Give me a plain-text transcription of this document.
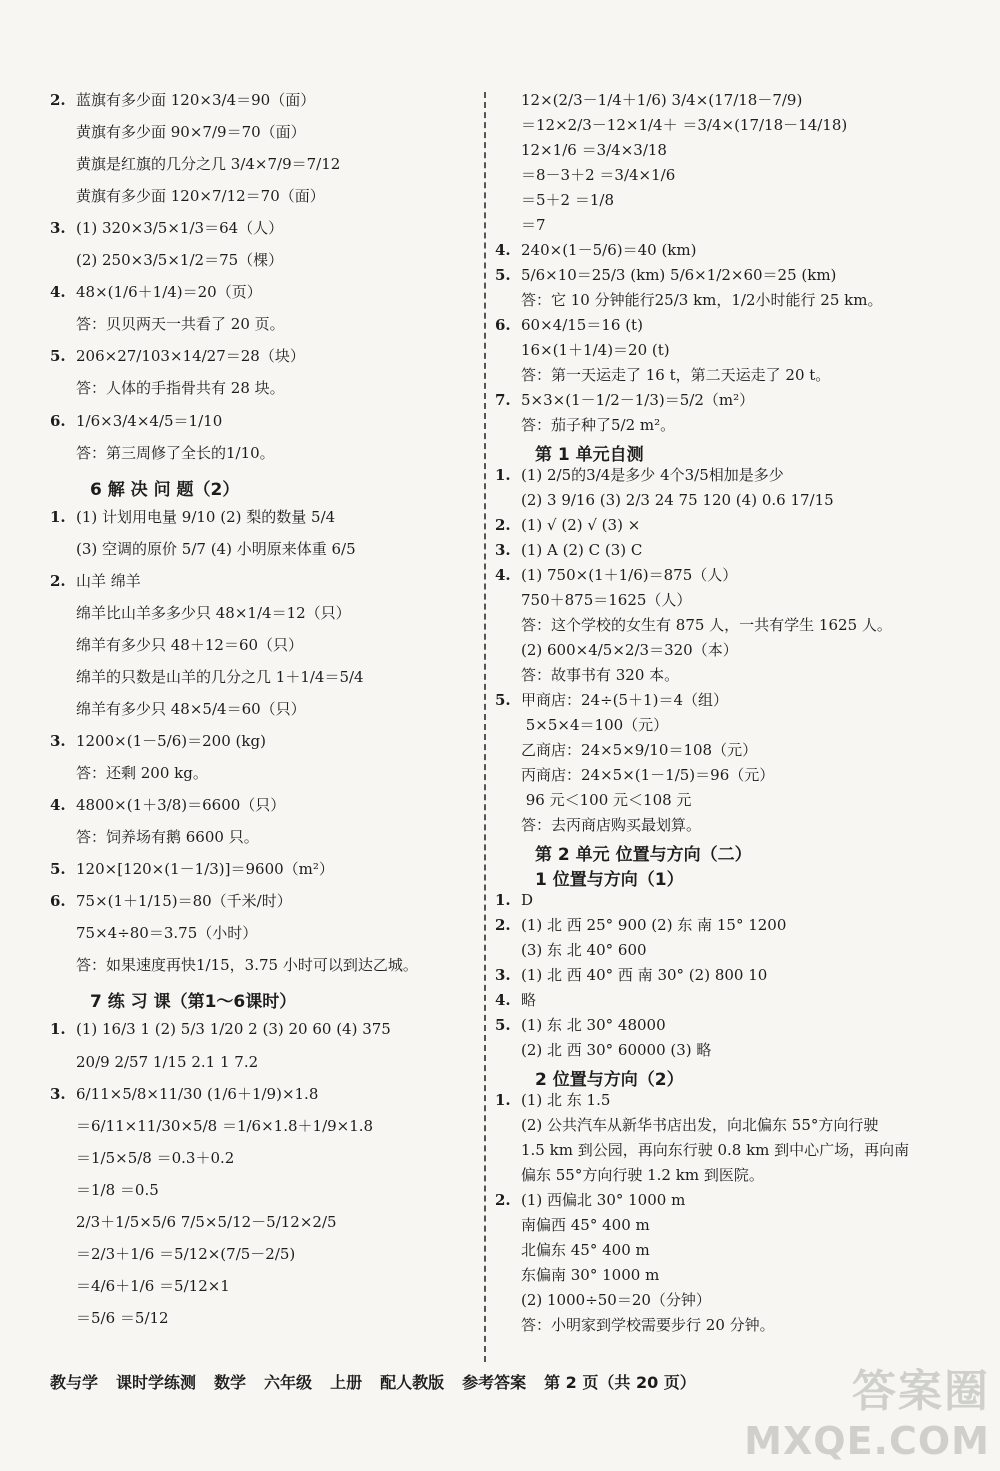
2. 蓝旗有多少面 120×3/4＝90（面）
黄旗有多少面 90×7/9＝70（面）
黄旗是红旗的几分之几 3/4×7/9＝7/12
黄旗有多少面 120×7/12＝70（面）
3. (1) 320×3/5×1/3＝64（人）
(2) 250×3/5×1/2＝75（棵）
4. 48×(1/6＋1/4)＝20（页）
答：贝贝两天一共看了 20 页。
5. 206×27/103×14/27＝28（块）
答：人体的手指骨共有 28 块。
6. 1/6×3/4×4/5＝1/10
答：第三周修了全长的1/10。
6 解 决 问 题（2）
1. (1) 计划用电量 9/10 (2) 梨的数量 5/4
(3) 空调的原价 5/7 (4) 小明原来体重 6/5
2. 山羊 绵羊
绵羊比山羊多多少只 48×1/4＝12（只）
绵羊有多少只 48＋12＝60（只）
绵羊的只数是山羊的几分之几 1＋1/4＝5/4
绵羊有多少只 48×5/4＝60（只）
3. 1200×(1－5/6)＝200 (kg)
答：还剩 200 kg。
4. 4800×(1＋3/8)＝6600（只）
答：饲养场有鹅 6600 只。
5. 120×[120×(1－1/3)]＝9600（m²）
6. 75×(1＋1/15)＝80（千米/时）
75×4÷80＝3.75（小时）
答：如果速度再快1/15，3.75 小时可以到达乙城。
7 练 习 课（第1～6课时）
1. (1) 16/3 1 (2) 5/3 1/20 2 (3) 20 60 (4) 375
20/9 2/57 1/15 2.1 1 7.2
3. 6/11×5/8×11/30 (1/6＋1/9)×1.8
＝6/11×11/30×5/8 ＝1/6×1.8＋1/9×1.8
＝1/5×5/8 ＝0.3＋0.2
＝1/8 ＝0.5
2/3＋1/5×5/6 7/5×5/12－5/12×2/5
＝2/3＋1/6 ＝5/12×(7/5－2/5)
＝4/6＋1/6 ＝5/12×1
＝5/6 ＝5/12
12×(2/3－1/4＋1/6) 3/4×(17/18－7/9)
＝12×2/3－12×1/4＋ ＝3/4×(17/18－14/18)
12×1/6 ＝3/4×3/18
＝8－3＋2 ＝3/4×1/6
＝5＋2 ＝1/8
＝7
4. 240×(1－5/6)＝40 (km)
5. 5/6×10＝25/3 (km) 5/6×1/2×60＝25 (km)
答：它 10 分钟能行25/3 km，1/2小时能行 25 km。
6. 60×4/15＝16 (t)
16×(1＋1/4)＝20 (t)
答：第一天运走了 16 t，第二天运走了 20 t。
7. 5×3×(1－1/2－1/3)＝5/2（m²）
答：茄子种了5/2 m²。
第 1 单元自测
1. (1) 2/5的3/4是多少 4个3/5相加是多少
(2) 3 9/16 (3) 2/3 24 75 120 (4) 0.6 17/15
2. (1) √ (2) √ (3) ×
3. (1) A (2) C (3) C
4. (1) 750×(1＋1/6)＝875（人）
750＋875＝1625（人）
答：这个学校的女生有 875 人，一共有学生 1625 人。
(2) 600×4/5×2/3＝320（本）
答：故事书有 320 本。
5. 甲商店：24÷(5＋1)＝4（组）
5×5×4＝100（元）
乙商店：24×5×9/10＝108（元）
丙商店：24×5×(1－1/5)＝96（元）
96 元＜100 元＜108 元
答：去丙商店购买最划算。
第 2 单元 位置与方向（二）
1 位置与方向（1）
1. D
2. (1) 北 西 25° 900 (2) 东 南 15° 1200
(3) 东 北 40° 600
3. (1) 北 西 40° 西 南 30° (2) 800 10
4. 略
5. (1) 东 北 30° 48000
(2) 北 西 30° 60000 (3) 略
2 位置与方向（2）
1. (1) 北 东 1.5
(2) 公共汽车从新华书店出发，向北偏东 55°方向行驶
1.5 km 到公园，再向东行驶 0.8 km 到中心广场，再向南
偏东 55°方向行驶 1.2 km 到医院。
2. (1) 西偏北 30° 1000 m
南偏西 45° 400 m
北偏东 45° 400 m
东偏南 30° 1000 m
(2) 1000÷50＝20（分钟）
答：小明家到学校需要步行 20 分钟。
教与学 课时学练测 数学 六年级 上册 配人教版 参考答案 第 2 页（共 20 页）	答案圈
MXQE.COM
